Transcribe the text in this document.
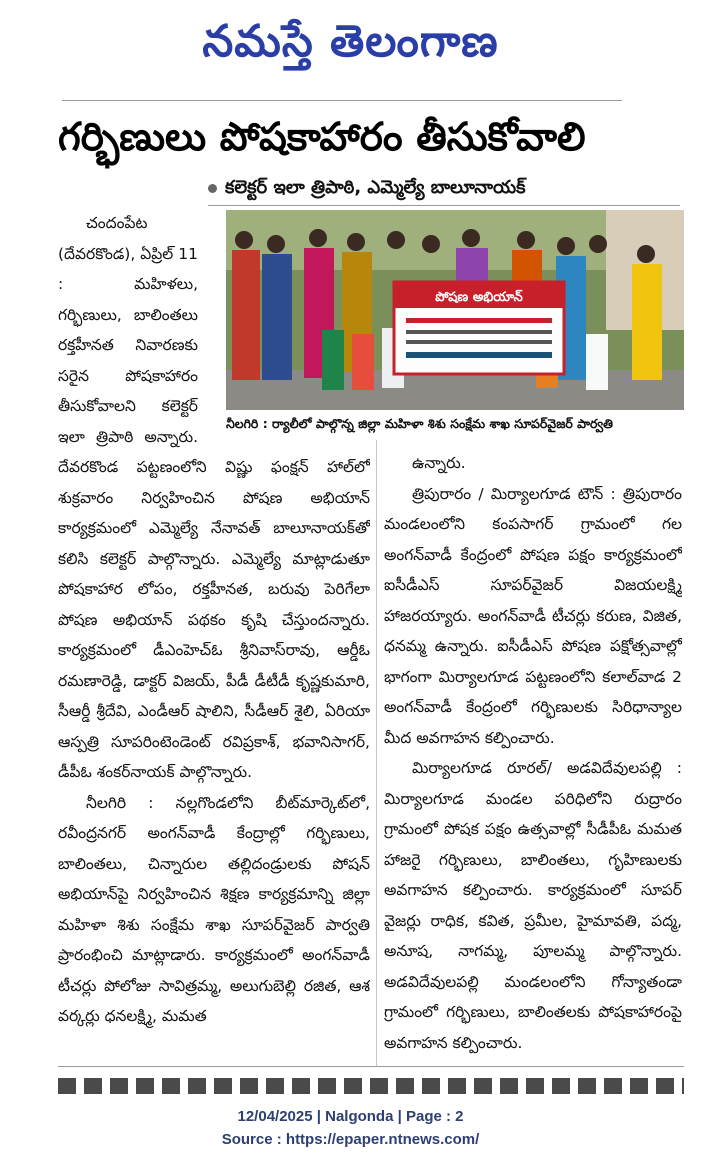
నమస్తే తెలంగాణ
గర్భిణులు పోషకాహారం తీసుకోవాలి
కలెక్టర్ ఇలా త్రిపాఠి, ఎమ్మెల్యే బాలూనాయక్

చందంపేట (దేవరకొండ), ఏప్రిల్ 11 : మహిళలు, గర్భిణులు, బాలింతలు రక్తహీనత నివారణకు సరైన పోషకాహారం తీసుకోవాలని కలెక్టర్ ఇలా త్రిపాఠి అన్నారు. దేవరకొండ పట్టణంలోని విష్ణు ఫంక్షన్ హాల్‌లో శుక్రవారం నిర్వహించిన పోషణ అభియాన్ కార్యక్రమంలో ఎమ్మెల్యే నేనావత్ బాలూనాయక్‌తో కలిసి కలెక్టర్ పాల్గొన్నారు. ఎమ్మెల్యే మాట్లాడుతూ పోషకాహార లోపం, రక్తహీనత, బరువు పెరిగేలా పోషణ అభియాన్ పథకం కృషి చేస్తుందన్నారు. కార్యక్రమంలో డీఎంహెచ్‌ఓ శ్రీనివాస్‌రావు, ఆర్డీఓ రమణారెడ్డి, డాక్టర్ విజయ్, పీడీ డీటీడీ కృష్ణకుమారి, సీఆర్డీ శ్రీదేవి, ఎండీఆర్ షాలిని, సీడీఆర్ శైలి, ఏరియా ఆస్పత్రి సూపరింటెండెంట్ రవిప్రకాశ్, భవానిసాగర్, డీపీఓ శంకర్‌నాయక్ పాల్గొన్నారు.

నీలగిరి : నల్లగొండలోని బీట్‌మార్కెట్‌లో, రవీంద్రనగర్ అంగన్‌వాడీ కేంద్రాల్లో గర్భిణులు, బాలింతలు, చిన్నారుల తల్లిదండ్రులకు పోషన్ అభియాన్‌పై నిర్వహించిన శిక్షణ కార్యక్రమాన్ని జిల్లా మహిళా శిశు సంక్షేమ శాఖ సూపర్‌వైజర్ పార్వతి ప్రారంభించి మాట్లాడారు. కార్యక్రమంలో అంగన్‌వాడీ టీచర్లు పోలోజు సావిత్రమ్మ, అలుగుబెల్లి రజిత, ఆశ వర్కర్లు ధనలక్ష్మి, మమత

పోషణ అభియాన్
నీలగిరి : ర్యాలీలో పాల్గొన్న జిల్లా మహిళా శిశు సంక్షేమ శాఖ సూపర్‌వైజర్ పార్వతి

ఉన్నారు.

త్రిపురారం / మిర్యాలగూడ టౌన్ : త్రిపురారం మండలంలోని కంపసాగర్ గ్రామంలో గల అంగన్‌వాడీ కేంద్రంలో పోషణ పక్షం కార్యక్రమంలో ఐసీడీఎస్ సూపర్‌వైజర్ విజయలక్ష్మి హాజరయ్యారు. అంగన్‌వాడీ టీచర్లు కరుణ, విజిత, ధనమ్మ ఉన్నారు. ఐసీడీఎస్ పోషణ పక్షోత్సవాల్లో భాగంగా మిర్యాలగూడ పట్టణంలోని కలాల్‌వాడ 2 అంగన్‌వాడీ కేంద్రంలో గర్భిణులకు సిరిధాన్యాల మీద అవగాహన కల్పించారు.

మిర్యాలగూడ రూరల్/ అడవిదేవులపల్లి : మిర్యాలగూడ మండల పరిధిలోని రుద్రారం గ్రామంలో పోషక పక్షం ఉత్సవాల్లో సీడీపీఓ మమత హాజరై గర్భిణులు, బాలింతలు, గృహిణులకు అవగాహన కల్పించారు. కార్యక్రమంలో సూపర్ వైజర్లు రాధిక, కవిత, ప్రమీల, హైమావతి, పద్మ, అనూష, నాగమ్మ, పూలమ్మ పాల్గొన్నారు. అడవిదేవులపల్లి మండలంలోని గోన్యాతండా గ్రామంలో గర్భిణులు, బాలింతలకు పోషకాహారంపై అవగాహన కల్పించారు.

12/04/2025 | Nalgonda | Page : 2
Source : https://epaper.ntnews.com/
